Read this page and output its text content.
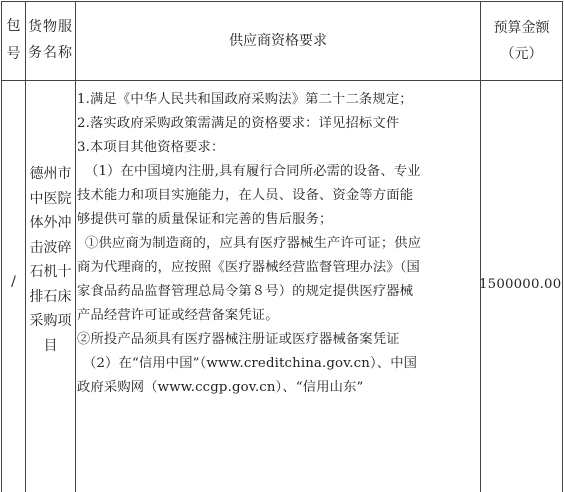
包号
货物服务名称
供应商资格要求
预算金额（元）
/
德州市中医院体外冲击波碎石机十排石床采购项目
1500000.00
1.满足《中华人民共和国政府采购法》第二十二条规定；
2.落实政府采购政策需满足的资格要求：详见招标文件
3.本项目其他资格要求：
（1）在中国境内注册,具有履行合同所必需的设备、专业
技术能力和项目实施能力，在人员、设备、资金等方面能
够提供可靠的质量保证和完善的售后服务；
①供应商为制造商的，应具有医疗器械生产许可证；供应
商为代理商的，应按照《医疗器械经营监督管理办法》（国
家食品药品监督管理总局令第８号）的规定提供医疗器械
产品经营许可证或经营备案凭证。
②所投产品须具有医疗器械注册证或医疗器械备案凭证
（2）在“信用中国”（www.creditchina.gov.cn）、中国
政府采购网（www.ccgp.gov.cn）、“信用山东”
